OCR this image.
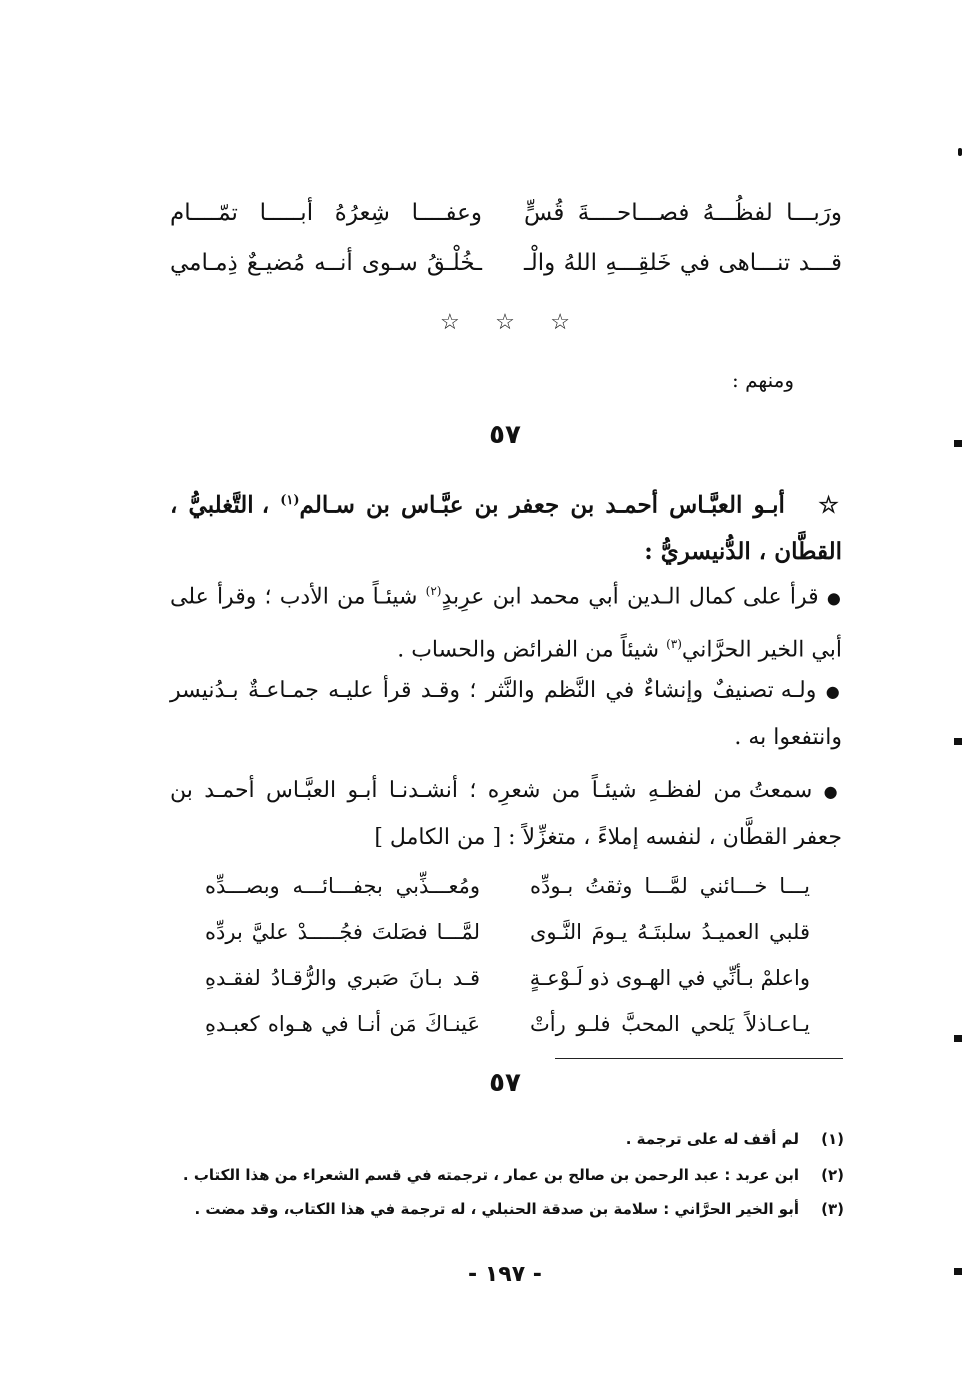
ورَبـــا لفظُـــهُ فصـــاحــــةَ قُسٍّ
وعفــــا شِعرُهُ أبـــــا تمّــــام
قـــد تنـــاهى في خَلقِـــهِ اللهُ والْـ
ـخُلْـقُ سـوى أنــه مُضيـعٌ ذِمـامي
☆ ☆ ☆
ومنهم :
٥٧
☆   أبـو العبَّـاس أحمـد بن جعفر بن عبَّـاس بن سـالم$^{(١)}$ ، التَّغلبيُّ ، القطَّان ، الدُّنيسريُّ :
● قرأ على كمال الـدين أبي محمد ابن عرِبدٍ$^{(٢)}$ شيئـاً من الأدب ؛ وقرأ على أبي الخير الحرَّاني$^{(٣)}$ شيئاً من الفرائض والحساب .
● ولـه تصنيفٌ وإنشاءٌ في النَّظم والنَّثر ؛ وقـد قرأ عليـه جمـاعـةٌ بـدُنيسر وانتفعوا به .
● سمعتُ من لفظـهِ شيئـاً من شعرِه ؛ أنشـدنـا أبـو العبَّـاس أحمـد بن جعفر القطَّان ، لنفسه إملاءً ، متغزِّلاً : [ من الكامل ]
يـــا خـــائني لمَّـــا وثقتُ بـودِّه
ومُعـــذِّبي بجفـــائـــه وبصـــدِّه
قلبي العميـدُ سلبتَـهُ يـومَ النَّـوى
لمَّـــا فصَلتَ فجُـــــدْ عليَّ بردِّه
واعلمْ بـأنِّي في الهـوى ذو لَـوْعـةٍ
قـد بـانَ صَبري والرُّقـادُ لفقـدهِ
يـاعـاذلاً يَلحي المحبَّ فلـو رأتْ
عَينـاكَ مَن أنـا في هـواه كعبـدهِ
٥٧
(١)
لم أقف له على ترجمة .
(٢)
ابن عربد : عبد الرحمن بن صالح بن عمار ، ترجمته في قسم الشعراء من هذا الكتاب .
(٣)
أبو الخير الحرَّاني : سلامة بن صدقة الحنبلي ، له ترجمة في هذا الكتاب، وقد مضت .
- ١٩٧ -
